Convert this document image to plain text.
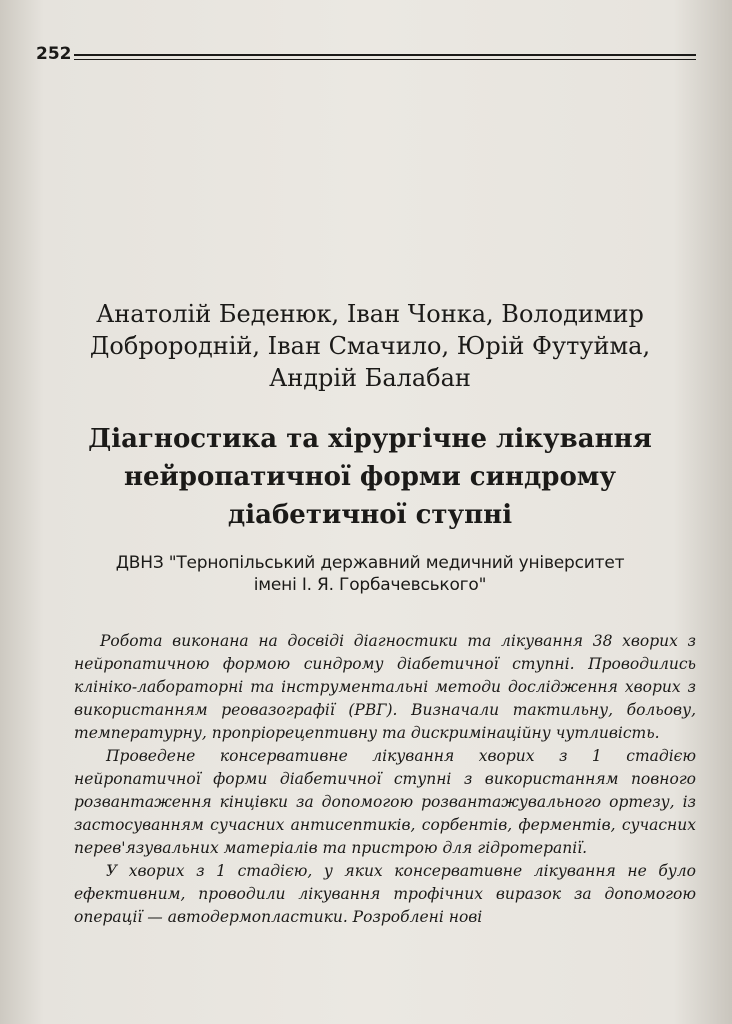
252
Анатолій Беденюк, Іван Чонка, Володимир
Доброродній, Іван Смачило, Юрій Футуйма,
Андрій Балабан
Діагностика та хірургічне лікування
нейропатичної форми синдрому
діабетичної ступні
ДВНЗ "Тернопільський державний медичний університет
імені І. Я. Горбачевського"

Робота виконана на досвіді діагностики та лікування 38 хворих з нейропатичною формою синдрому діабетичної ступні. Проводились клініко-лабораторні та інструментальні методи дослідження хворих з використанням реовазографії (РВГ). Визначали тактильну, больову, температурну, пропріорецептивну та дискримінаційну чутливість.

Проведене консервативне лікування хворих з 1 стадією нейропатичної форми діабетичної ступні з використанням повного розвантаження кінцівки за допомогою розвантажувального ортезу, із застосуванням сучасних антисептиків, сорбентів, ферментів, сучасних перев'язувальних матеріалів та пристрою для гідротерапії.

У хворих з 1 стадією, у яких консервативне лікування не було ефективним, проводили лікування трофічних виразок за допомогою операції — автодермопластики. Розроблені нові
